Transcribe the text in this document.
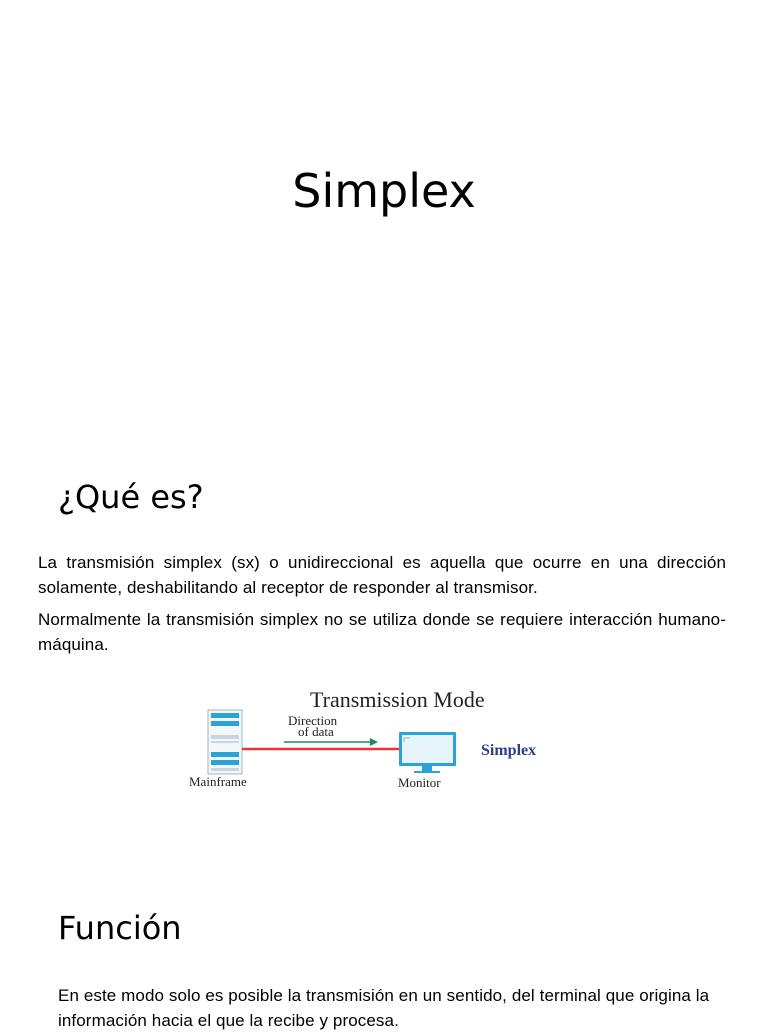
Simplex
¿Qué es?

La transmisión simplex (sx) o unidireccional es aquella que ocurre en una dirección solamente, deshabilitando al receptor de responder al transmisor.

Normalmente la transmisión simplex no se utiliza donde se requiere interacción humano-máquina.

Transmission Mode
Direction
of data
Mainframe	Monitor
Simplex
Función

En este modo solo es posible la transmisión en un sentido, del terminal que origina la información hacia el que la recibe y procesa.
